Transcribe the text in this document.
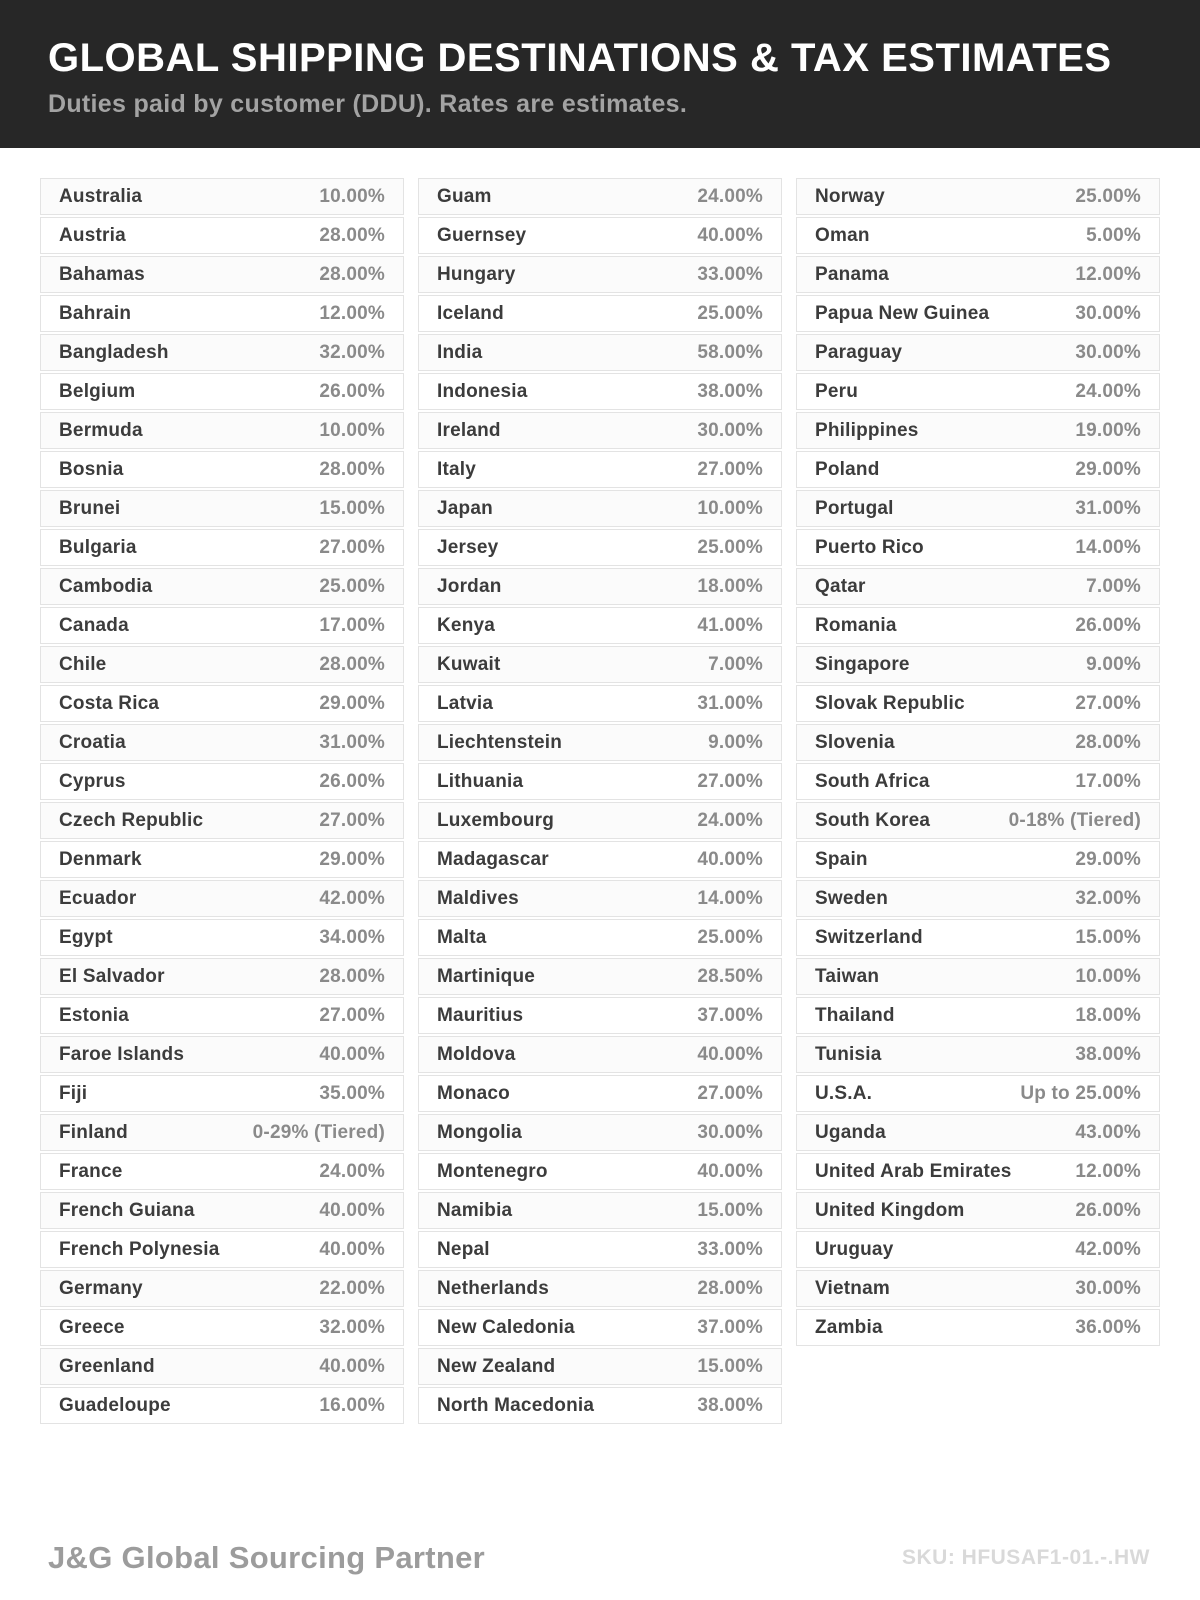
GLOBAL SHIPPING DESTINATIONS & TAX ESTIMATES

Duties paid by customer (DDU). Rates are estimates.

Australia	10.00%
Austria	28.00%
Bahamas	28.00%
Bahrain	12.00%
Bangladesh	32.00%
Belgium	26.00%
Bermuda	10.00%
Bosnia	28.00%
Brunei	15.00%
Bulgaria	27.00%
Cambodia	25.00%
Canada	17.00%
Chile	28.00%
Costa Rica	29.00%
Croatia	31.00%
Cyprus	26.00%
Czech Republic	27.00%
Denmark	29.00%
Ecuador	42.00%
Egypt	34.00%
El Salvador	28.00%
Estonia	27.00%
Faroe Islands	40.00%
Fiji	35.00%
Finland	0-29% (Tiered)
France	24.00%
French Guiana	40.00%
French Polynesia	40.00%
Germany	22.00%
Greece	32.00%
Greenland	40.00%
Guadeloupe	16.00%
Guam	24.00%
Guernsey	40.00%
Hungary	33.00%
Iceland	25.00%
India	58.00%
Indonesia	38.00%
Ireland	30.00%
Italy	27.00%
Japan	10.00%
Jersey	25.00%
Jordan	18.00%
Kenya	41.00%
Kuwait	7.00%
Latvia	31.00%
Liechtenstein	9.00%
Lithuania	27.00%
Luxembourg	24.00%
Madagascar	40.00%
Maldives	14.00%
Malta	25.00%
Martinique	28.50%
Mauritius	37.00%
Moldova	40.00%
Monaco	27.00%
Mongolia	30.00%
Montenegro	40.00%
Namibia	15.00%
Nepal	33.00%
Netherlands	28.00%
New Caledonia	37.00%
New Zealand	15.00%
North Macedonia	38.00%
Norway	25.00%
Oman	5.00%
Panama	12.00%
Papua New Guinea	30.00%
Paraguay	30.00%
Peru	24.00%
Philippines	19.00%
Poland	29.00%
Portugal	31.00%
Puerto Rico	14.00%
Qatar	7.00%
Romania	26.00%
Singapore	9.00%
Slovak Republic	27.00%
Slovenia	28.00%
South Africa	17.00%
South Korea	0-18% (Tiered)
Spain	29.00%
Sweden	32.00%
Switzerland	15.00%
Taiwan	10.00%
Thailand	18.00%
Tunisia	38.00%
U.S.A.	Up to 25.00%
Uganda	43.00%
United Arab Emirates	12.00%
United Kingdom	26.00%
Uruguay	42.00%
Vietnam	30.00%
Zambia	36.00%
J&G Global Sourcing Partner	SKU: HFUSAF1-01.-.HW
